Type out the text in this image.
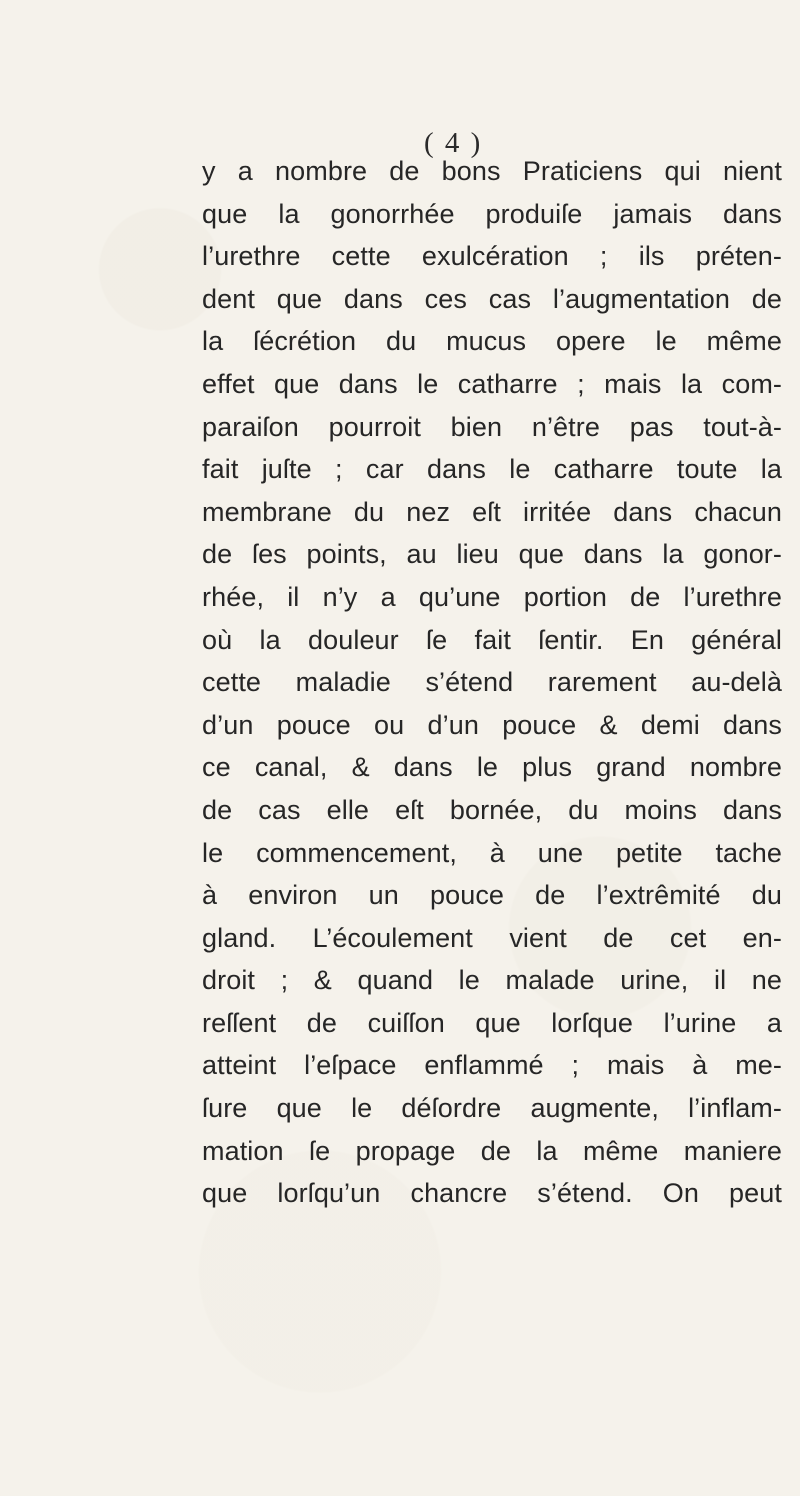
( 4 )
y a nombre de bons Praticiens qui nient
que la gonorrhée produiſe jamais dans
l’urethre cette exulcération ; ils préten-
dent que dans ces cas l’augmentation de
la ſécrétion du mucus opere le même
effet que dans le catharre ; mais la com-
paraiſon pourroit bien n’être pas tout-à-
fait juſte ; car dans le catharre toute la
membrane du nez eſt irritée dans chacun
de ſes points, au lieu que dans la gonor-
rhée, il n’y a qu’une portion de l’urethre
où la douleur ſe fait ſentir. En général
cette maladie s’étend rarement au-delà
d’un pouce ou d’un pouce & demi dans
ce canal, & dans le plus grand nombre
de cas elle eſt bornée, du moins dans
le commencement, à une petite tache
à environ un pouce de l’extrêmité du
gland. L’écoulement vient de cet en-
droit ; & quand le malade urine, il ne
reſſent de cuiſſon que lorſque l’urine a
atteint l’eſpace enflammé ; mais à me-
ſure que le déſordre augmente, l’inflam-
mation ſe propage de la même maniere
que lorſqu’un chancre s’étend. On peut
